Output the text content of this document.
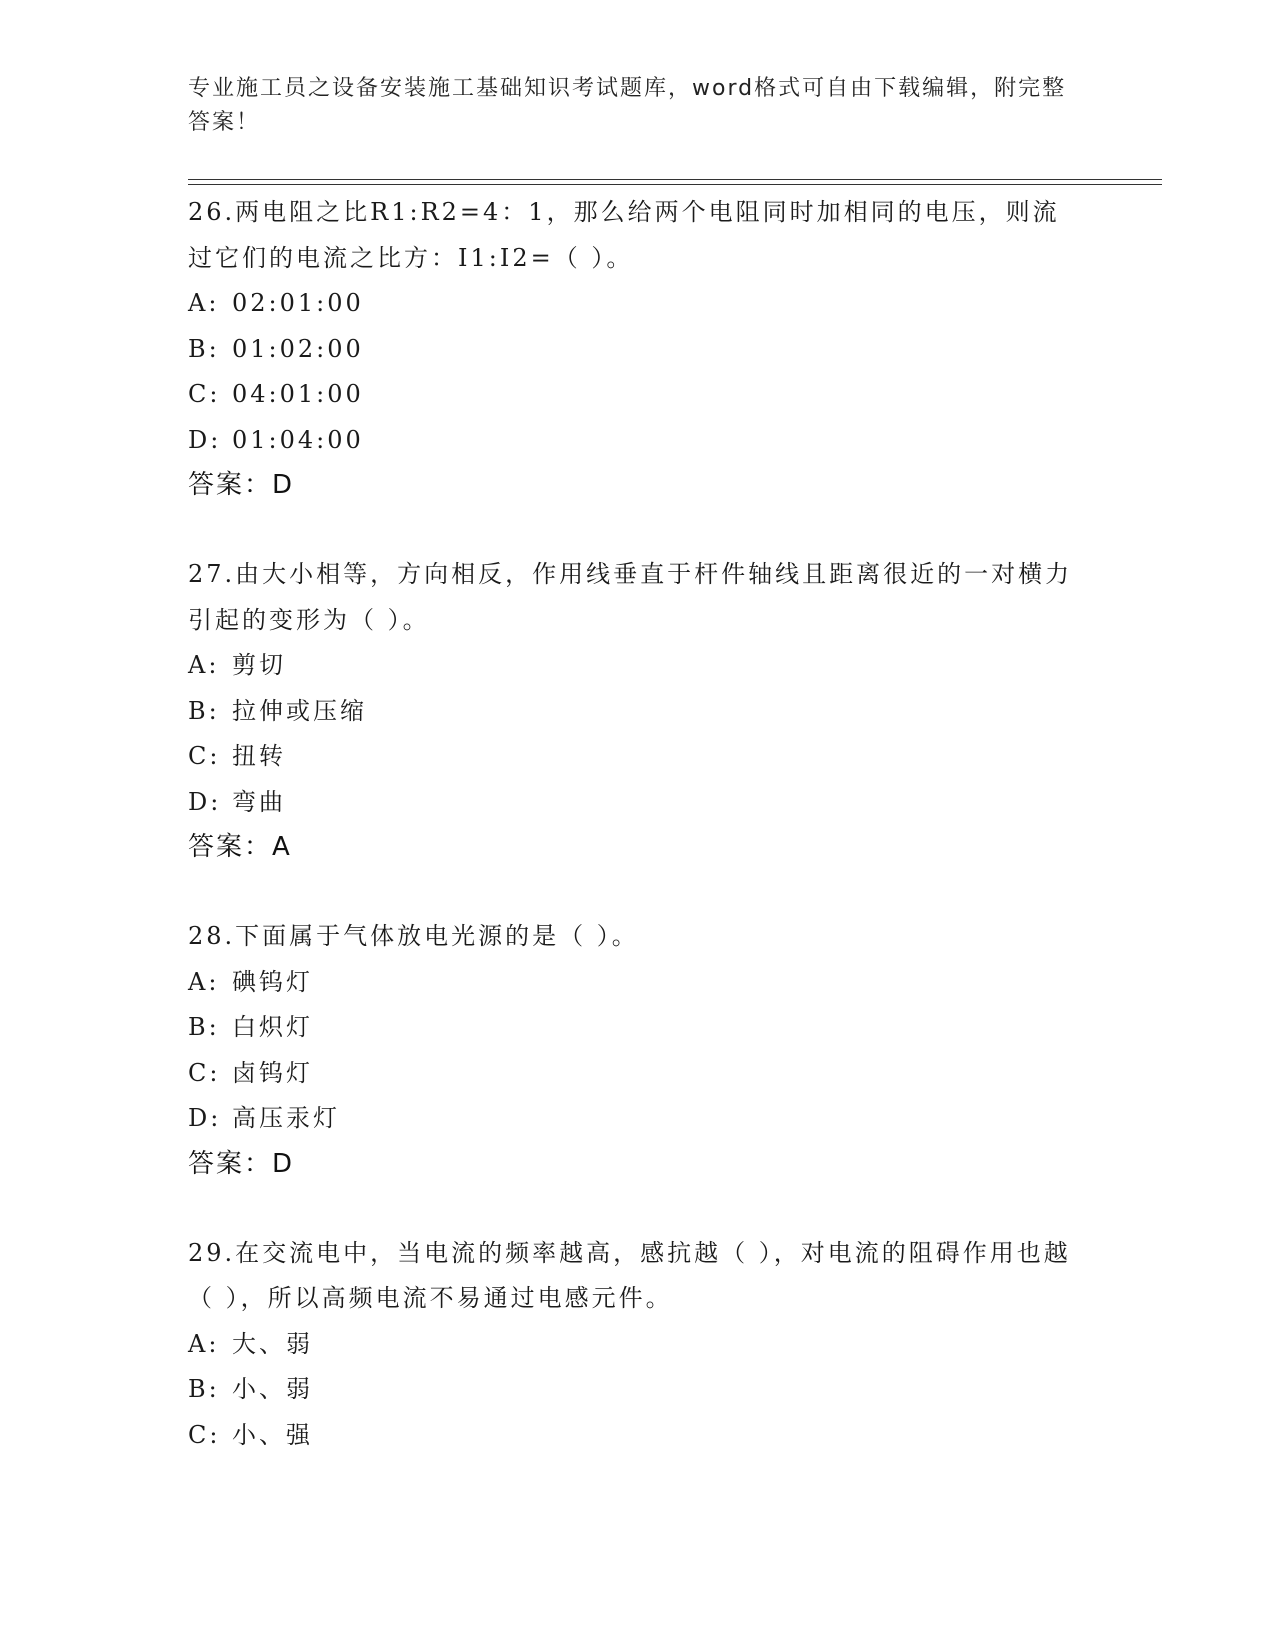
专业施工员之设备安装施工基础知识考试题库，word格式可自由下载编辑，附完整答案！
26.两电阻之比R1:R2=4：1，那么给两个电阻同时加相同的电压，则流过它们的电流之比方：I1:I2=（ ）。
A: 02:01:00
B: 01:02:00
C: 04:01:00
D: 01:04:00
答案：D
27.由大小相等，方向相反，作用线垂直于杆件轴线且距离很近的一对横力引起的变形为（ ）。
A: 剪切
B: 拉伸或压缩
C: 扭转
D: 弯曲
答案：A
28.下面属于气体放电光源的是（ ）。
A: 碘钨灯
B: 白炽灯
C: 卤钨灯
D: 高压汞灯
答案：D
29.在交流电中，当电流的频率越高，感抗越（ ），对电流的阻碍作用也越（ ），所以高频电流不易通过电感元件。
A: 大、弱
B: 小、弱
C: 小、强
